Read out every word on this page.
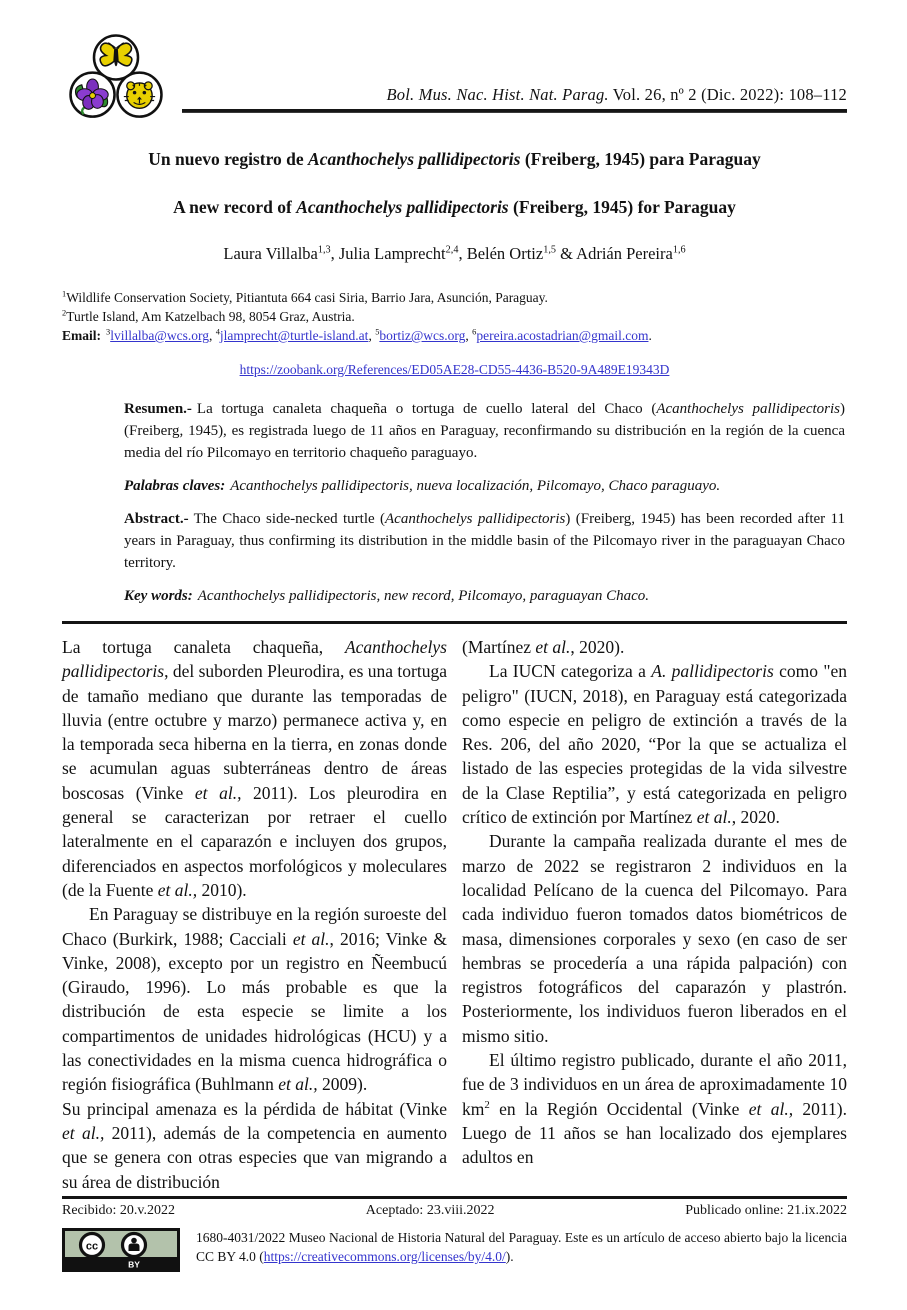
Bol. Mus. Nac. Hist. Nat. Parag. Vol. 26, nº 2 (Dic. 2022): 108–112
Un nuevo registro de Acanthochelys pallidipectoris (Freiberg, 1945) para Paraguay
A new record of Acanthochelys pallidipectoris (Freiberg, 1945) for Paraguay
Laura Villalba$^{1,3}$, Julia Lamprecht$^{2,4}$, Belén Ortiz$^{1,5}$ & Adrián Pereira$^{1,6}$
$^1$Wildlife Conservation Society, Pitiantuta 664 casi Siria, Barrio Jara, Asunción, Paraguay.
$^2$Turtle Island, Am Katzelbach 98, 8054 Graz, Austria.
Email: $^3$lvillalba@wcs.org, $^4$jlamprecht@turtle-island.at, $^5$bortiz@wcs.org, $^6$pereira.acostadrian@gmail.com.
https://zoobank.org/References/ED05AE28-CD55-4436-B520-9A489E19343D
Resumen.- La tortuga canaleta chaqueña o tortuga de cuello lateral del Chaco (Acanthochelys pallidipectoris) (Freiberg, 1945), es registrada luego de 11 años en Paraguay, reconfirmando su distribución en la región de la cuenca media del río Pilcomayo en territorio chaqueño paraguayo.
Palabras claves: Acanthochelys pallidipectoris, nueva localización, Pilcomayo, Chaco paraguayo.
Abstract.- The Chaco side-necked turtle (Acanthochelys pallidipectoris) (Freiberg, 1945) has been recorded after 11 years in Paraguay, thus confirming its distribution in the middle basin of the Pilcomayo river in the paraguayan Chaco territory.
Key words: Acanthochelys pallidipectoris, new record, Pilcomayo, paraguayan Chaco.

La tortuga canaleta chaqueña, Acanthochelys pallidipectoris, del suborden Pleurodira, es una tortuga de tamaño mediano que durante las temporadas de lluvia (entre octubre y marzo) permanece activa y, en la temporada seca hiberna en la tierra, en zonas donde se acumulan aguas subterráneas dentro de áreas boscosas (Vinke et al., 2011). Los pleurodira en general se caracterizan por retraer el cuello lateralmente en el caparazón e incluyen dos grupos, diferenciados en aspectos morfológicos y moleculares (de la Fuente et al., 2010).

En Paraguay se distribuye en la región suroeste del Chaco (Burkirk, 1988; Cacciali et al., 2016; Vinke & Vinke, 2008), excepto por un registro en Ñeembucú (Giraudo, 1996). Lo más probable es que la distribución de esta especie se limite a los compartimentos de unidades hidrológicas (HCU) y a las conectividades en la misma cuenca hidrográfica o región fisiográfica (Buhlmann et al., 2009).

Su principal amenaza es la pérdida de hábitat (Vinke et al., 2011), además de la competencia en aumento que se genera con otras especies que van migrando a su área de distribución

(Martínez et al., 2020).

La IUCN categoriza a A. pallidipectoris como "en peligro" (IUCN, 2018), en Paraguay está categorizada como especie en peligro de extinción a través de la Res. 206, del año 2020, “Por la que se actualiza el listado de las especies protegidas de la vida silvestre de la Clase Reptilia”, y está categorizada en peligro crítico de extinción por Martínez et al., 2020.

Durante la campaña realizada durante el mes de marzo de 2022 se registraron 2 individuos en la localidad Pelícano de la cuenca del Pilcomayo. Para cada individuo fueron tomados datos biométricos de masa, dimensiones corporales y sexo (en caso de ser hembras se procedería a una rápida palpación) con registros fotográficos del caparazón y plastrón. Posteriormente, los individuos fueron liberados en el mismo sitio.

El último registro publicado, durante el año 2011, fue de 3 individuos en un área de aproximadamente 10 $km^2$ en la Región Occidental (Vinke et al., 2011). Luego de 11 años se han localizado dos ejemplares adultos en

Recibido: 20.v.2022	Aceptado: 23.viii.2022	Publicado online: 21.ix.2022
cc
BY
1680-4031/2022 Museo Nacional de Historia Natural del Paraguay. Este es un artículo de acceso abierto bajo la licencia CC BY 4.0 (https://creativecommons.org/licenses/by/4.0/).
